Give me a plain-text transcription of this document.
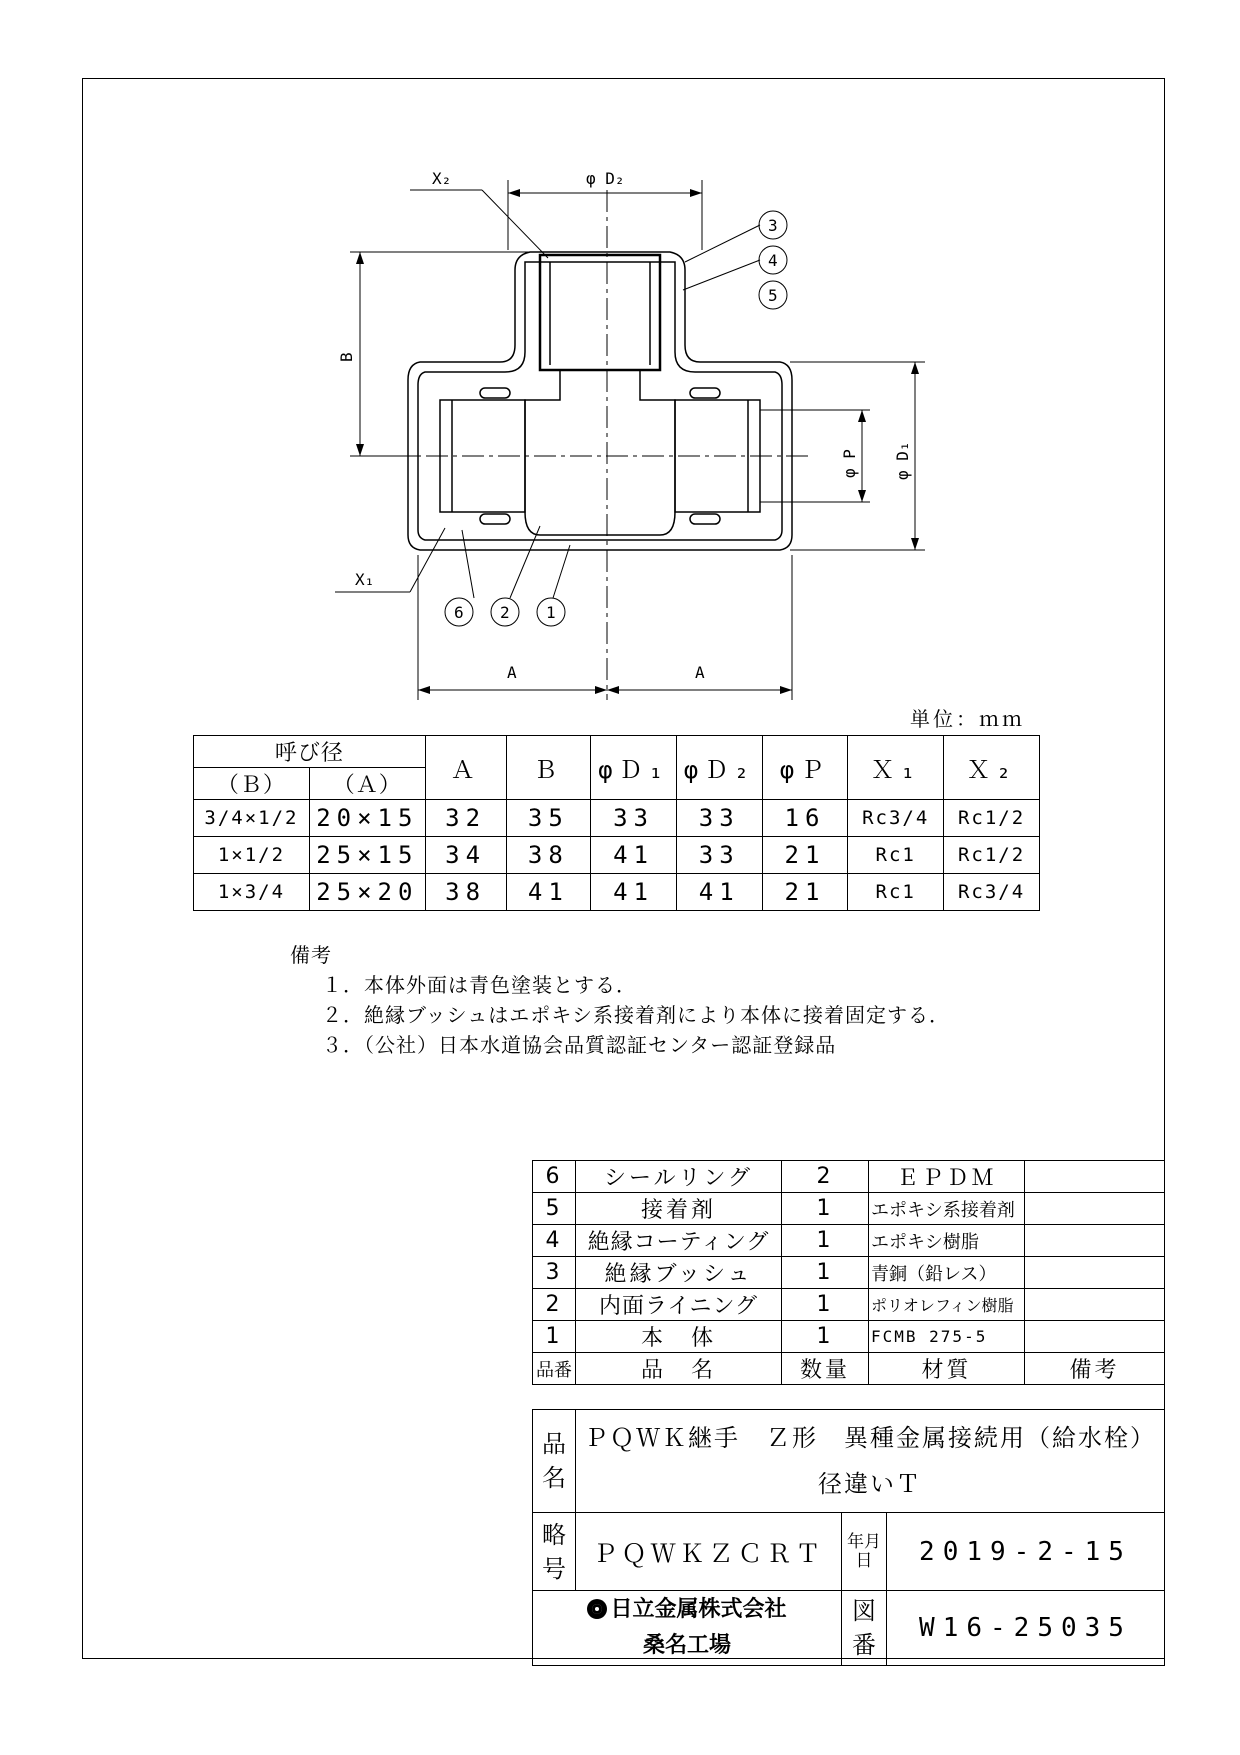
X₂	φ D₂
B
φ P φ D₁
X₁
A	A
3
4
5
6 2 1
単位：ｍｍ
呼び径		Ａ	Ｂ	φＤ₁	φＤ₂	φＰ	Ｘ₁	Ｘ₂
（Ｂ）	（Ａ）							
3/4×1/2	20×15	32	35	33	33	16	Rc3/4	Rc1/2
1×1/2	25×15	34	38	41	33	21	Rc1	Rc1/2
1×3/4	25×20	38	41	41	41	21	Rc1	Rc3/4
備考
１．本体外面は青色塗装とする．
２．絶縁ブッシュはエポキシ系接着剤により本体に接着固定する．
３．（公社）日本水道協会品質認証センター認証登録品
6	シールリング	2	ＥＰＤＭ	
5	接着剤	1	エポキシ系接着剤	
4	絶縁コーティング	1	エポキシ樹脂	
3	絶縁ブッシュ	1	青銅（鉛レス）	
2	内面ライニング	1	ポリオレフィン樹脂	
1	本　体	1	FCMB 275-5	
品番	品　名	数量	材質	備考
品名	ＰＱＷＫ継手　Ｚ形　異種金属接続用（給水栓）
径違いＴ		

略号	ＰＱＷＫＺＣＲＴ	年月日	2019-2-15

日立金属株式会社
桑名工場		図番	W16-25035
